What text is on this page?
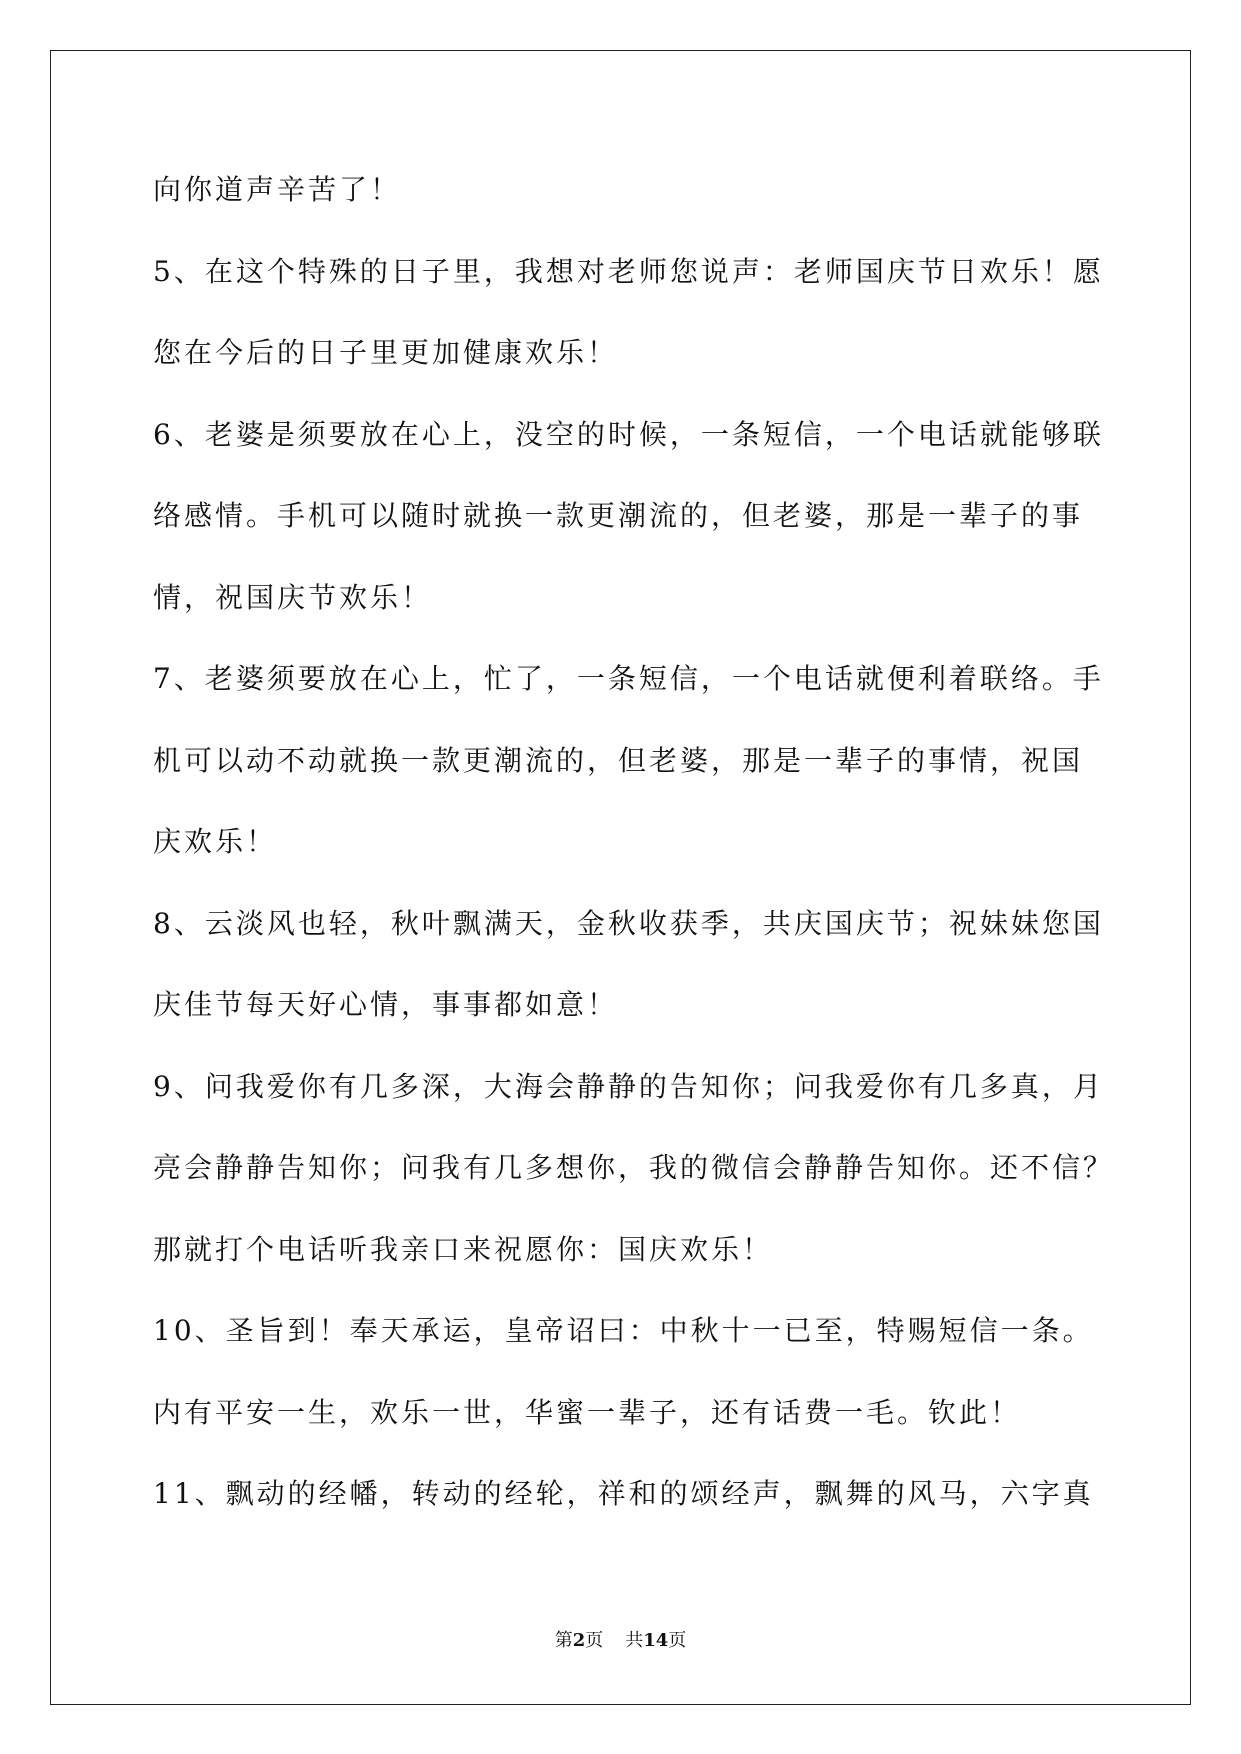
向你道声辛苦了！
5、在这个特殊的日子里，我想对老师您说声：老师国庆节日欢乐！愿
您在今后的日子里更加健康欢乐！
6、老婆是须要放在心上，没空的时候，一条短信，一个电话就能够联
络感情。手机可以随时就换一款更潮流的，但老婆，那是一辈子的事
情，祝国庆节欢乐！
7、老婆须要放在心上，忙了，一条短信，一个电话就便利着联络。手
机可以动不动就换一款更潮流的，但老婆，那是一辈子的事情，祝国
庆欢乐！
8、云淡风也轻，秋叶飘满天，金秋收获季，共庆国庆节；祝妹妹您国
庆佳节每天好心情，事事都如意！
9、问我爱你有几多深，大海会静静的告知你；问我爱你有几多真，月
亮会静静告知你；问我有几多想你，我的微信会静静告知你。还不信？
那就打个电话听我亲口来祝愿你：国庆欢乐！
10、圣旨到！奉天承运，皇帝诏曰：中秋十一已至，特赐短信一条。
内有平安一生，欢乐一世，华蜜一辈子，还有话费一毛。钦此！
11、飘动的经幡，转动的经轮，祥和的颂经声，飘舞的风马，六字真
第2页 共14页
